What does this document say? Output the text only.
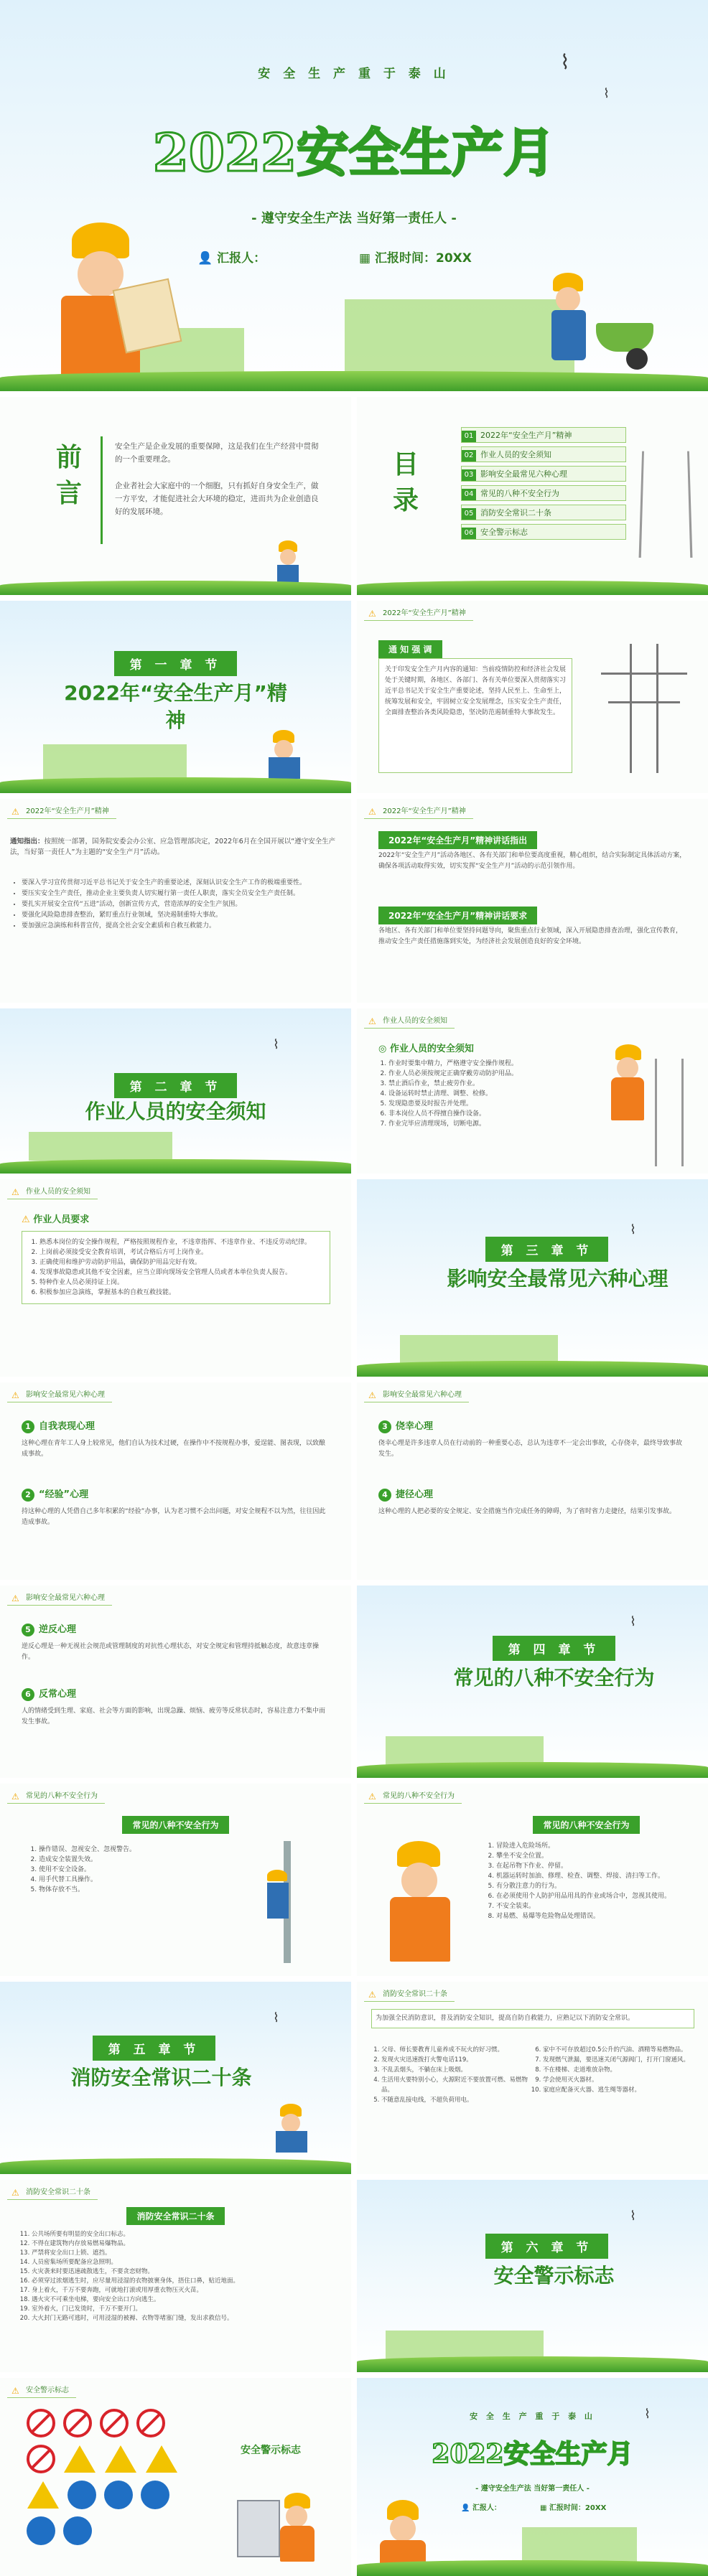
安 全 生 产 重 于 泰 山	⌇
⌇
2022安全生产月
- 遵守安全生产法 当好第一责任人 -
👤 汇报人：	▦ 汇报时间：20XX
前
言
安全生产是企业发展的重要保障，这是我们在生产经营中贯彻的一个重要理念。
企业者社会大家庭中的一个细胞，只有抓好自身安全生产，做一方平安，才能促进社会大环境的稳定，进而共为企业创造良好的发展环境。
目
录
01 2022年“安全生产月”精神
02 作业人员的安全须知
03 影响安全最常见六种心理
04 常见的八种不安全行为
05 消防安全常识二十条
06 安全警示标志
第 一 章 节
2022年“安全生产月”精神
⚠ 2022年“安全生产月”精神
通 知 强 调
关于印发安全生产月内容的通知：当前疫情防控和经济社会发展处于关键时期，各地区、各部门、各有关单位要深入贯彻落实习近平总书记关于安全生产重要论述，坚持人民至上、生命至上，统筹发展和安全，牢固树立安全发展理念，压实安全生产责任，全面排查整治各类风险隐患，坚决防范遏制重特大事故发生。
⚠ 2022年“安全生产月”精神
通知指出：按照统一部署，国务院安委会办公室、应急管理部决定，2022年6月在全国开展以“遵守安全生产法，当好第一责任人”为主题的“安全生产月”活动。
• 要深入学习宣传贯彻习近平总书记关于安全生产的重要论述，深刻认识安全生产工作的极端重要性。
• 要压实安全生产责任，推动企业主要负责人切实履行第一责任人职责，落实全员安全生产责任制。
• 要扎实开展安全宣传“五进”活动，创新宣传方式，营造浓厚的安全生产氛围。
• 要强化风险隐患排查整治，紧盯重点行业领域，坚决遏制重特大事故。
• 要加强应急演练和科普宣传，提高全社会安全素质和自救互救能力。
⚠ 2022年“安全生产月”精神
2022年“安全生产月”精神讲话指出
2022年“安全生产月”活动各地区、各有关部门和单位要高度重视，精心组织，结合实际制定具体活动方案，确保各项活动取得实效，切实发挥“安全生产月”活动的示范引领作用。
2022年“安全生产月”精神讲话要求
各地区、各有关部门和单位要坚持问题导向，聚焦重点行业领域，深入开展隐患排查治理，强化宣传教育，推动安全生产责任措施落到实处，为经济社会发展创造良好的安全环境。
⌇
第 二 章 节
作业人员的安全须知
⚠ 作业人员的安全须知
◎ 作业人员的安全须知
1. 作业时要集中精力，严格遵守安全操作规程。
2. 作业人员必须按规定正确穿戴劳动防护用品。
3. 禁止酒后作业，禁止疲劳作业。
4. 设备运转时禁止清理、调整、检修。
5. 发现隐患要及时报告并处理。
6. 非本岗位人员不得擅自操作设备。
7. 作业完毕应清理现场，切断电源。
⚠ 作业人员的安全须知
⚠ 作业人员要求
1. 熟悉本岗位的安全操作规程，严格按照规程作业，不违章指挥、不违章作业、不违反劳动纪律。
2. 上岗前必须接受安全教育培训，考试合格后方可上岗作业。
3. 正确使用和维护劳动防护用品，确保防护用品完好有效。
4. 发现事故隐患或其他不安全因素，应当立即向现场安全管理人员或者本单位负责人报告。
5. 特种作业人员必须持证上岗。
6. 积极参加应急演练，掌握基本的自救互救技能。
⌇
第 三 章 节
影响安全最常见六种心理
⚠ 影响安全最常见六种心理
1 自我表现心理
这种心理在青年工人身上较常见，他们自认为技术过硬，在操作中不按规程办事，爱逞能、图表现，以致酿成事故。
2 “经验”心理
持这种心理的人凭借自己多年积累的“经验”办事，认为老习惯不会出问题，对安全规程不以为然，往往因此造成事故。
⚠ 影响安全最常见六种心理
3 侥幸心理
侥幸心理是许多违章人员在行动前的一种重要心态，总认为违章不一定会出事故，心存侥幸，最终导致事故发生。
4 捷径心理
这种心理的人把必要的安全规定、安全措施当作完成任务的障碍，为了省时省力走捷径，结果引发事故。
⚠ 影响安全最常见六种心理
5 逆反心理
逆反心理是一种无视社会规范或管理制度的对抗性心理状态，对安全规定和管理持抵触态度，故意违章操作。
6 反常心理
人的情绪受到生理、家庭、社会等方面的影响，出现急躁、烦恼、疲劳等反常状态时，容易注意力不集中而发生事故。
⌇
第 四 章 节
常见的八种不安全行为
⚠ 常见的八种不安全行为
常见的八种不安全行为
1. 操作错误、忽视安全、忽视警告。
2. 造成安全装置失效。
3. 使用不安全设备。
4. 用手代替工具操作。
5. 物体存放不当。
⚠ 常见的八种不安全行为
常见的八种不安全行为
1. 冒险进入危险场所。
2. 攀坐不安全位置。
3. 在起吊物下作业、停留。
4. 机器运转时加油、修理、检查、调整、焊接、清扫等工作。
5. 有分散注意力的行为。
6. 在必须使用个人防护用品用具的作业或场合中，忽视其使用。
7. 不安全装束。
8. 对易燃、易爆等危险物品处理错误。
⌇
第 五 章 节
消防安全常识二十条
⚠ 消防安全常识二十条
为加强全民消防意识，普及消防安全知识，提高自防自救能力，应熟记以下消防安全常识。
1. 父母、师长要教育儿童养成不玩火的好习惯。
2. 发现火灾迅速拨打火警电话119。
3. 不乱丢烟头，不躺在床上吸烟。
4. 生活用火要特别小心，火源附近不要放置可燃、易燃物品。
5. 不随意乱接电线，不超负荷用电。
6. 家中不可存放超过0.5公升的汽油、酒精等易燃物品。
7. 发现燃气泄漏，要迅速关闭气源阀门，打开门窗通风。
8. 不在楼梯、走道堆放杂物。
9. 学会使用灭火器材。
10. 家庭应配备灭火器、逃生绳等器材。
⚠ 消防安全常识二十条
消防安全常识二十条
11. 公共场所要有明显的安全出口标志。
12. 不得在建筑物内存放易燃易爆物品。
13. 严禁将安全出口上锁、遮挡。
14. 人员密集场所要配备应急照明。
15. 火灾袭来时要迅速疏散逃生，不要贪恋财物。
16. 必须穿过浓烟逃生时，应尽量用浸湿的衣物披裹身体，捂住口鼻，贴近地面。
17. 身上着火，千万不要奔跑，可就地打滚或用厚重衣物压灭火苗。
18. 遇火灾不可乘坐电梯，要向安全出口方向逃生。
19. 室外着火，门已发烫时，千万不要开门。
20. 大火封门无路可逃时，可用浸湿的被褥、衣物等堵塞门缝，发出求救信号。
⌇
第 六 章 节
安全警示标志
⚠ 安全警示标志

安全警示标志
安 全 生 产 重 于 泰 山	⌇
2022安全生产月
- 遵守安全生产法 当好第一责任人 -
👤 汇报人：	▦ 汇报时间：20XX
